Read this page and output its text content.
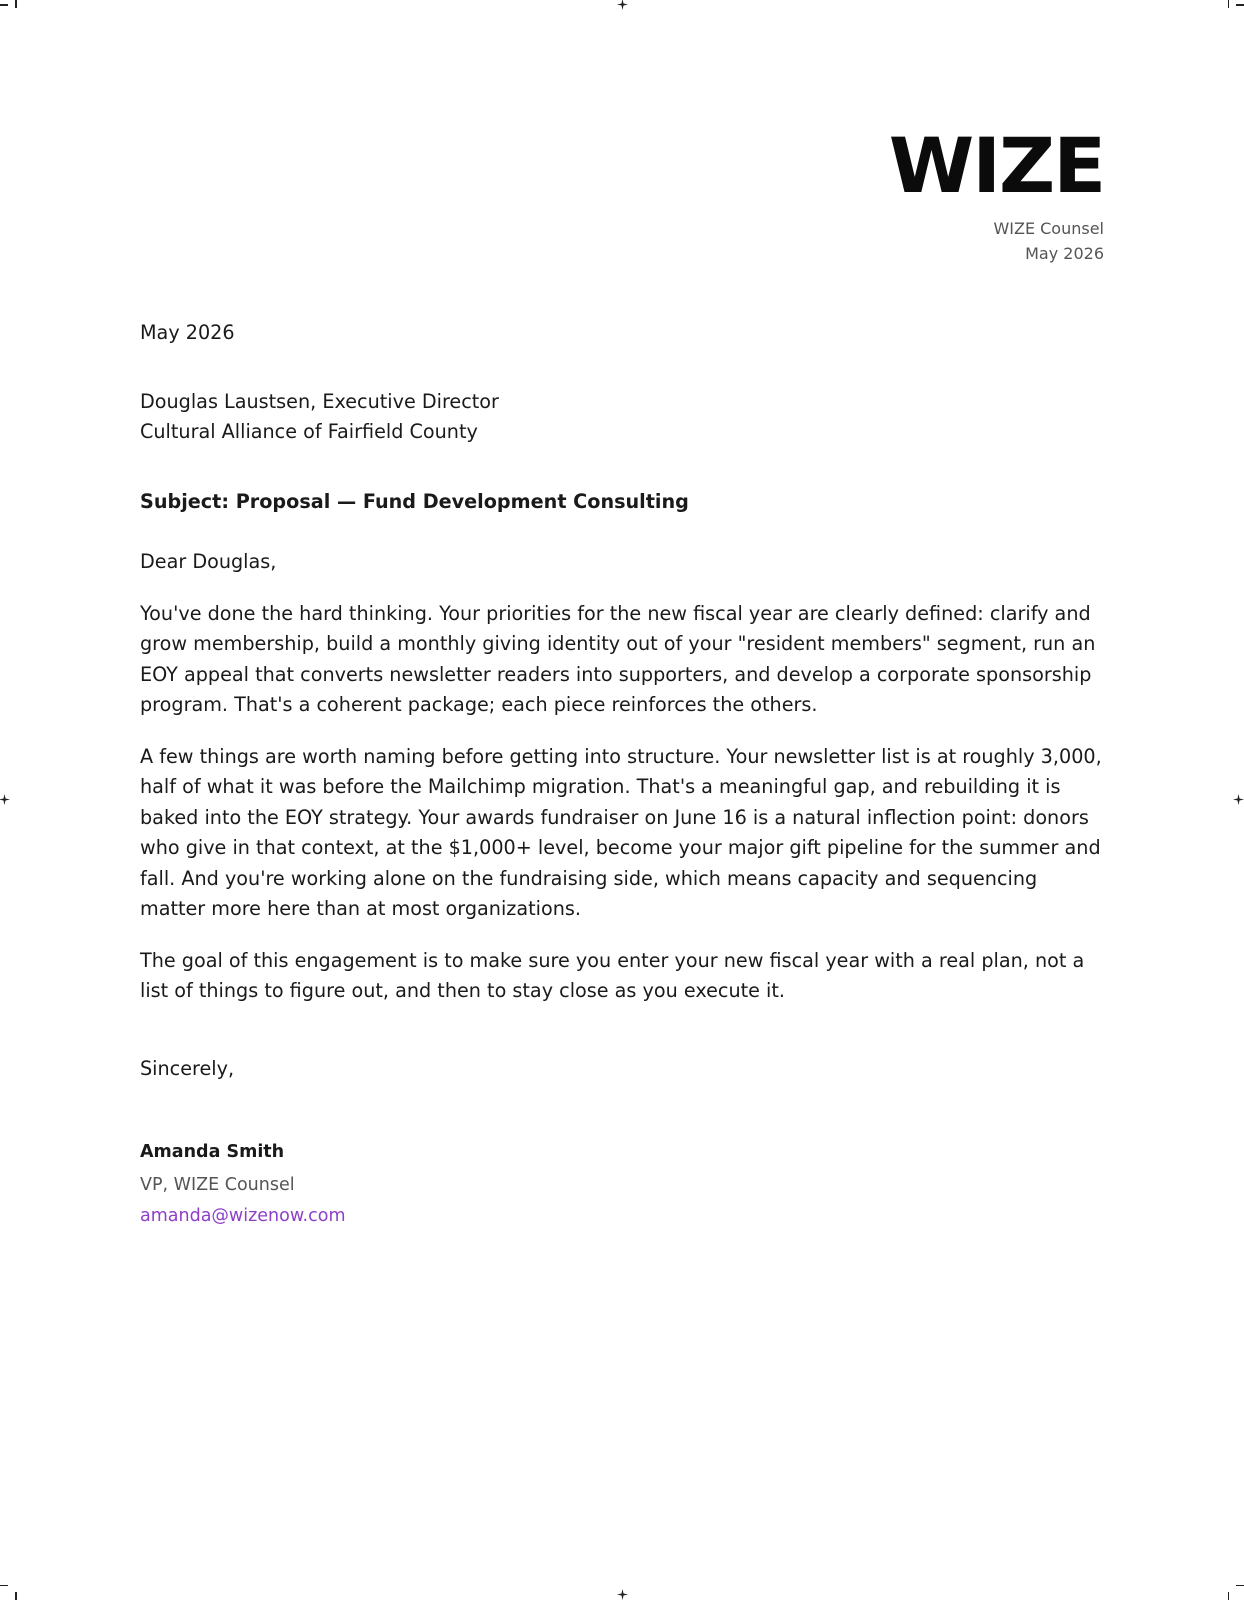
WIZE
WIZE Counsel
May 2026
May 2026
Douglas Laustsen, Executive Director
Cultural Alliance of Fairfield County
Subject: Proposal — Fund Development Consulting
Dear Douglas,
You've done the hard thinking. Your priorities for the new fiscal year are clearly defined: clarify and grow membership, build a monthly giving identity out of your "resident members" segment, run an EOY appeal that converts newsletter readers into supporters, and develop a corporate sponsorship program. That's a coherent package; each piece reinforces the others.
A few things are worth naming before getting into structure. Your newsletter list is at roughly 3,000, half of what it was before the Mailchimp migration. That's a meaningful gap, and rebuilding it is baked into the EOY strategy. Your awards fundraiser on June 16 is a natural inflection point: donors who give in that context, at the $1,000+ level, become your major gift pipeline for the summer and fall. And you're working alone on the fundraising side, which means capacity and sequencing matter more here than at most organizations.
The goal of this engagement is to make sure you enter your new fiscal year with a real plan, not a list of things to figure out, and then to stay close as you execute it.
Sincerely,
Amanda Smith
VP, WIZE Counsel
amanda@wizenow.com
